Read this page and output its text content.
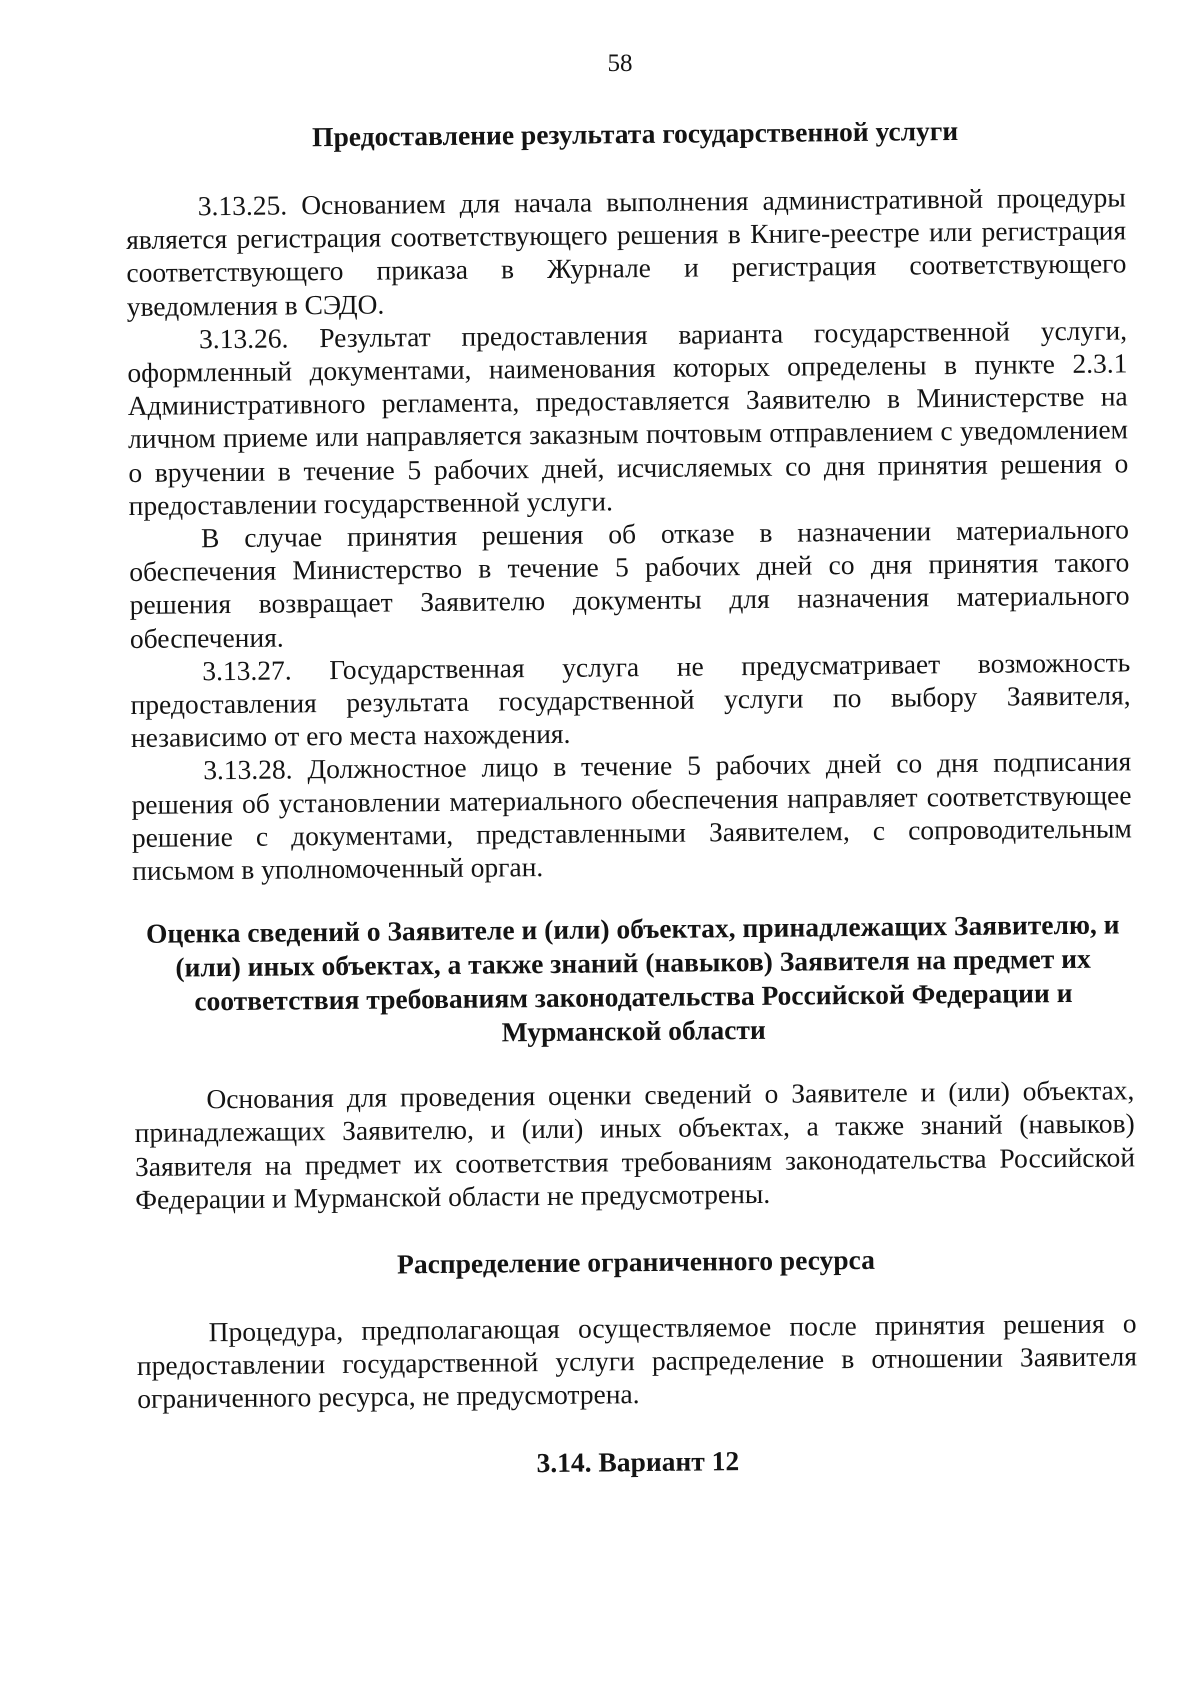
58
Предоставление результата государственной услуги

3.13.25. Основанием для начала выполнения административной процедуры является регистрация соответствующего решения в Книге-реестре или регистрация соответствующего приказа в Журнале и регистрация соответствующего уведомления в СЭДО.

3.13.26. Результат предоставления варианта государственной услуги, оформленный документами, наименования которых определены в пункте 2.3.1 Административного регламента, предоставляется Заявителю в Министерстве на личном приеме или направляется заказным почтовым отправлением с уведомлением о вручении в течение 5 рабочих дней, исчисляемых со дня принятия решения о предоставлении государственной услуги.

В случае принятия решения об отказе в назначении материального обеспечения Министерство в течение 5 рабочих дней со дня принятия такого решения возвращает Заявителю документы для назначения материального обеспечения.

3.13.27. Государственная услуга не предусматривает возможность предоставления результата государственной услуги по выбору Заявителя, независимо от его места нахождения.

3.13.28. Должностное лицо в течение 5 рабочих дней со дня подписания решения об установлении материального обеспечения направляет соответствующее решение с документами, представленными Заявителем, с сопроводительным письмом в уполномоченный орган.

Оценка сведений о Заявителе и (или) объектах, принадлежащих Заявителю, и (или) иных объектах, а также знаний (навыков) Заявителя на предмет их соответствия требованиям законодательства Российской Федерации и Мурманской области

Основания для проведения оценки сведений о Заявителе и (или) объектах, принадлежащих Заявителю, и (или) иных объектах, а также знаний (навыков) Заявителя на предмет их соответствия требованиям законодательства Российской Федерации и Мурманской области не предусмотрены.

Распределение ограниченного ресурса

Процедура, предполагающая осуществляемое после принятия решения о предоставлении государственной услуги распределение в отношении Заявителя ограниченного ресурса, не предусмотрена.

3.14. Вариант 12
